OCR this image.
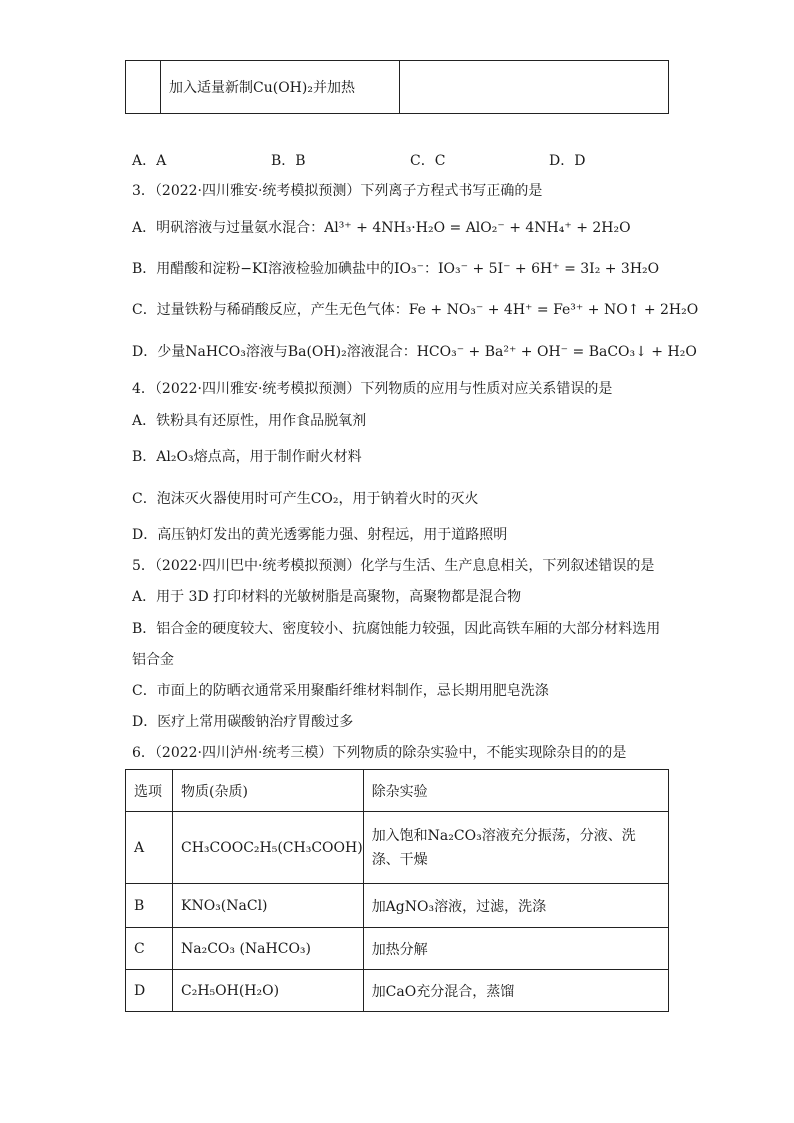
	加入适量新制Cu(OH)₂并加热	
A．A	B．B	C．C	D．D
3．（2022·四川雅安·统考模拟预测）下列离子方程式书写正确的是
A．明矾溶液与过量氨水混合：Al³⁺ + 4NH₃·H₂O = AlO₂⁻ + 4NH₄⁺ + 2H₂O
B．用醋酸和淀粉−KI溶液检验加碘盐中的IO₃⁻：IO₃⁻ + 5I⁻ + 6H⁺ = 3I₂ + 3H₂O
C．过量铁粉与稀硝酸反应，产生无色气体：Fe + NO₃⁻ + 4H⁺ = Fe³⁺ + NO↑ + 2H₂O
D．少量NaHCO₃溶液与Ba(OH)₂溶液混合：HCO₃⁻ + Ba²⁺ + OH⁻ = BaCO₃↓ + H₂O
4．（2022·四川雅安·统考模拟预测）下列物质的应用与性质对应关系错误的是
A．铁粉具有还原性，用作食品脱氧剂
B．Al₂O₃熔点高，用于制作耐火材料
C．泡沫灭火器使用时可产生CO₂，用于钠着火时的灭火
D．高压钠灯发出的黄光透雾能力强、射程远，用于道路照明
5．（2022·四川巴中·统考模拟预测）化学与生活、生产息息相关，下列叙述错误的是
A．用于 3D 打印材料的光敏树脂是高聚物，高聚物都是混合物
B．铝合金的硬度较大、密度较小、抗腐蚀能力较强，因此高铁车厢的大部分材料选用
铝合金
C．市面上的防晒衣通常采用聚酯纤维材料制作，忌长期用肥皂洗涤
D．医疗上常用碳酸钠治疗胃酸过多
6．（2022·四川泸州·统考三模）下列物质的除杂实验中，不能实现除杂目的的是
选项	物质(杂质)	除杂实验
A	CH₃COOC₂H₅(CH₃COOH)	加入饱和Na₂CO₃溶液充分振荡，分液、洗涤、干燥
B	KNO₃(NaCl)	加AgNO₃溶液，过滤，洗涤
C	Na₂CO₃ (NaHCO₃)	加热分解
D	C₂H₅OH(H₂O)	加CaO充分混合，蒸馏
